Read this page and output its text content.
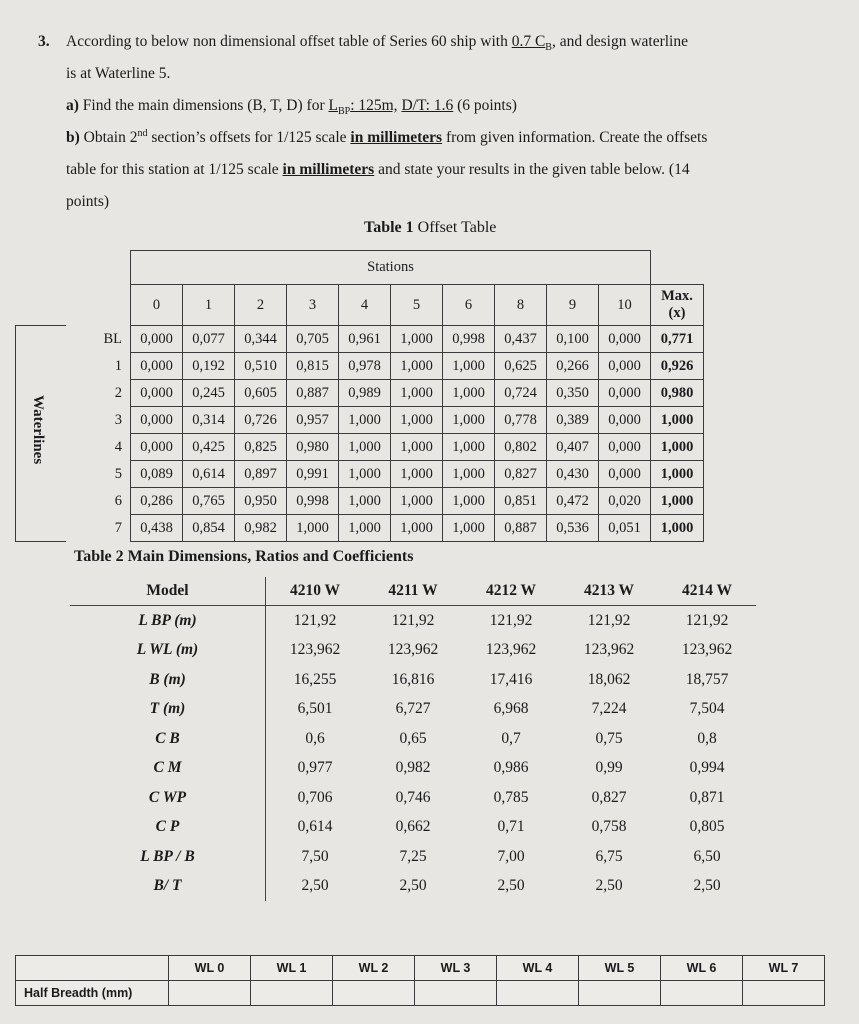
3. According to below non dimensional offset table of Series 60 ship with 0.7 $C_B$, and design waterline
is at Waterline 5.
a) Find the main dimensions (B, T, D) for $L_{BP}$: 125m, D/T: 1.6 (6 points)
b) Obtain 2nd section’s offsets for 1/125 scale in millimeters from given information. Create the offsets
table for this station at 1/125 scale in millimeters and state your results in the given table below. (14
points)
Table 1 Offset Table
		Stations										
		0	1	2	3	4	5	6	8	9	10	Max.
(x)

	BL	0,000	0,077	0,344	0,705	0,961	1,000	0,998	0,437	0,100	0,000	0,771
	1	0,000	0,192	0,510	0,815	0,978	1,000	1,000	0,625	0,266	0,000	0,926
	2	0,000	0,245	0,605	0,887	0,989	1,000	1,000	0,724	0,350	0,000	0,980
	3	0,000	0,314	0,726	0,957	1,000	1,000	1,000	0,778	0,389	0,000	1,000
	4	0,000	0,425	0,825	0,980	1,000	1,000	1,000	0,802	0,407	0,000	1,000
	5	0,089	0,614	0,897	0,991	1,000	1,000	1,000	0,827	0,430	0,000	1,000
	6	0,286	0,765	0,950	0,998	1,000	1,000	1,000	0,851	0,472	0,020	1,000
	7	0,438	0,854	0,982	1,000	1,000	1,000	1,000	0,887	0,536	0,051	1,000
Waterlines
Table 2 Main Dimensions, Ratios and Coefficients
Model	4210 W	4211 W	4212 W	4213 W	4214 W
L BP (m)	121,92	121,92	121,92	121,92	121,92
L WL (m)	123,962	123,962	123,962	123,962	123,962
B (m)	16,255	16,816	17,416	18,062	18,757
T (m)	6,501	6,727	6,968	7,224	7,504
C B	0,6	0,65	0,7	0,75	0,8
C M	0,977	0,982	0,986	0,99	0,994
C WP	0,706	0,746	0,785	0,827	0,871
C P	0,614	0,662	0,71	0,758	0,805
L BP / B	7,50	7,25	7,00	6,75	6,50
B/ T	2,50	2,50	2,50	2,50	2,50
	WL 0	WL 1	WL 2	WL 3	WL 4	WL 5	WL 6	WL 7
Half Breadth (mm)								
